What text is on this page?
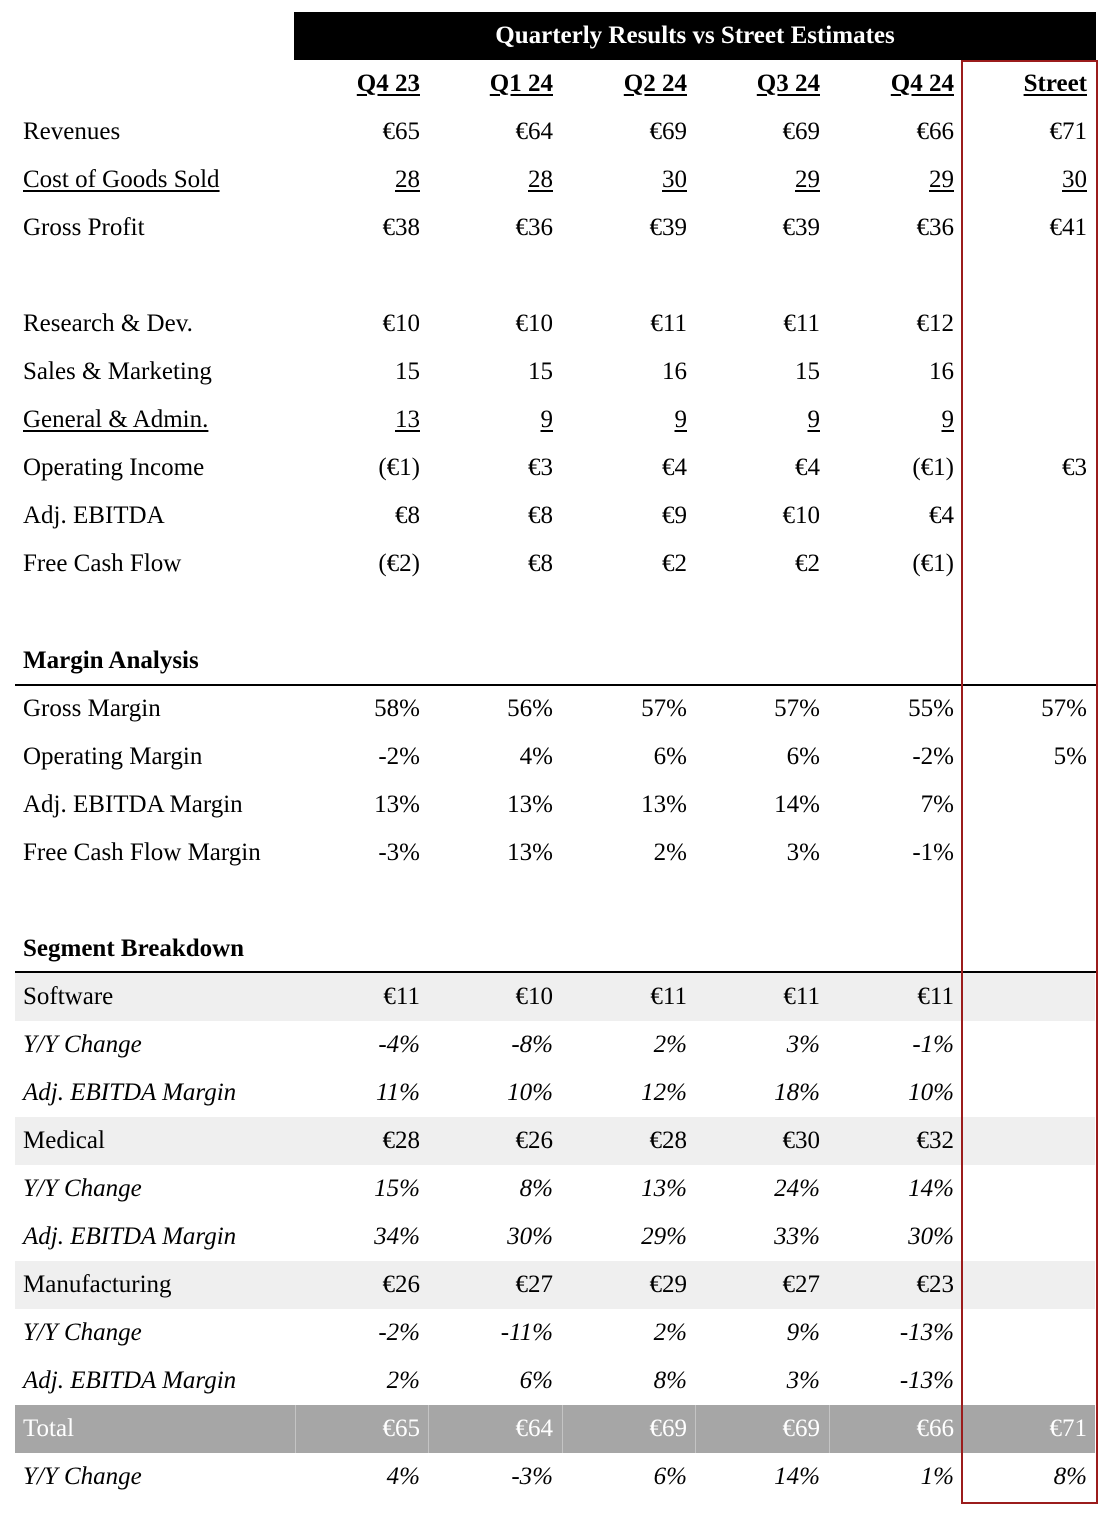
Quarterly Results vs Street Estimates
Q4 23	Q1 24	Q2 24	Q3 24	Q4 24	Street
Revenues	€65	€64	€69	€69	€66	€71
Cost of Goods Sold	28	28	30	29	29	30
Gross Profit	€38	€36	€39	€39	€36	€41
Research & Dev.	€10	€10	€11	€11	€12
Sales & Marketing	15	15	16	15	16
General & Admin.	13	9	9	9	9
Operating Income	(€1)	€3	€4	€4	(€1)	€3
Adj. EBITDA	€8	€8	€9	€10	€4
Free Cash Flow	(€2)	€8	€2	€2	(€1)
Margin Analysis
Gross Margin	58%	56%	57%	57%	55%	57%
Operating Margin	-2%	4%	6%	6%	-2%	5%
Adj. EBITDA Margin	13%	13%	13%	14%	7%
Free Cash Flow Margin	-3%	13%	2%	3%	-1%
Segment Breakdown
Software	€11	€10	€11	€11	€11
Y/Y Change	-4%	-8%	2%	3%	-1%
Adj. EBITDA Margin	11%	10%	12%	18%	10%
Medical	€28	€26	€28	€30	€32
Y/Y Change	15%	8%	13%	24%	14%
Adj. EBITDA Margin	34%	30%	29%	33%	30%
Manufacturing	€26	€27	€29	€27	€23
Y/Y Change	-2%	-11%	2%	9%	-13%
Adj. EBITDA Margin	2%	6%	8%	3%	-13%
Total	€65	€64	€69	€69	€66	€71
Y/Y Change	4%	-3%	6%	14%	1%	8%
